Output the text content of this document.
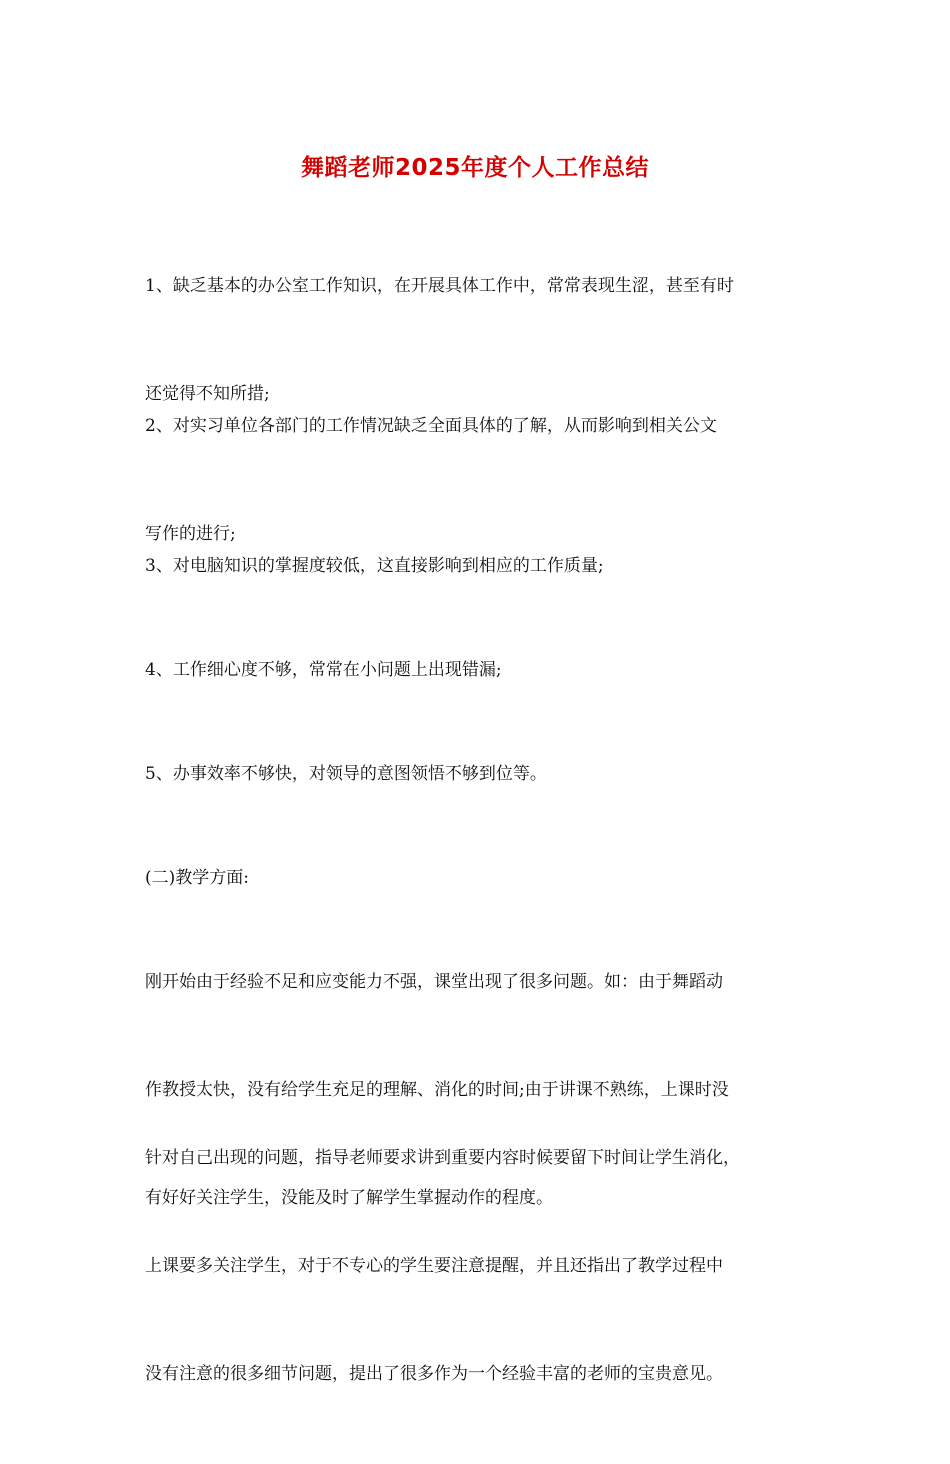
舞蹈老师2025年度个人工作总结

1、缺乏基本的办公室工作知识，在开展具体工作中，常常表现生涩，甚至有时

还觉得不知所措;

2、对实习单位各部门的工作情况缺乏全面具体的了解，从而影响到相关公文

写作的进行;

3、对电脑知识的掌握度较低，这直接影响到相应的工作质量;

4、工作细心度不够，常常在小问题上出现错漏;

5、办事效率不够快，对领导的意图领悟不够到位等。

(二)教学方面:

刚开始由于经验不足和应变能力不强，课堂出现了很多问题。如：由于舞蹈动

作教授太快，没有给学生充足的理解、消化的时间;由于讲课不熟练，上课时没

有好好关注学生，没能及时了解学生掌握动作的程度。

针对自己出现的问题，指导老师要求讲到重要内容时候要留下时间让学生消化，

上课要多关注学生，对于不专心的学生要注意提醒，并且还指出了教学过程中

没有注意的很多细节问题，提出了很多作为一个经验丰富的老师的宝贵意见。
